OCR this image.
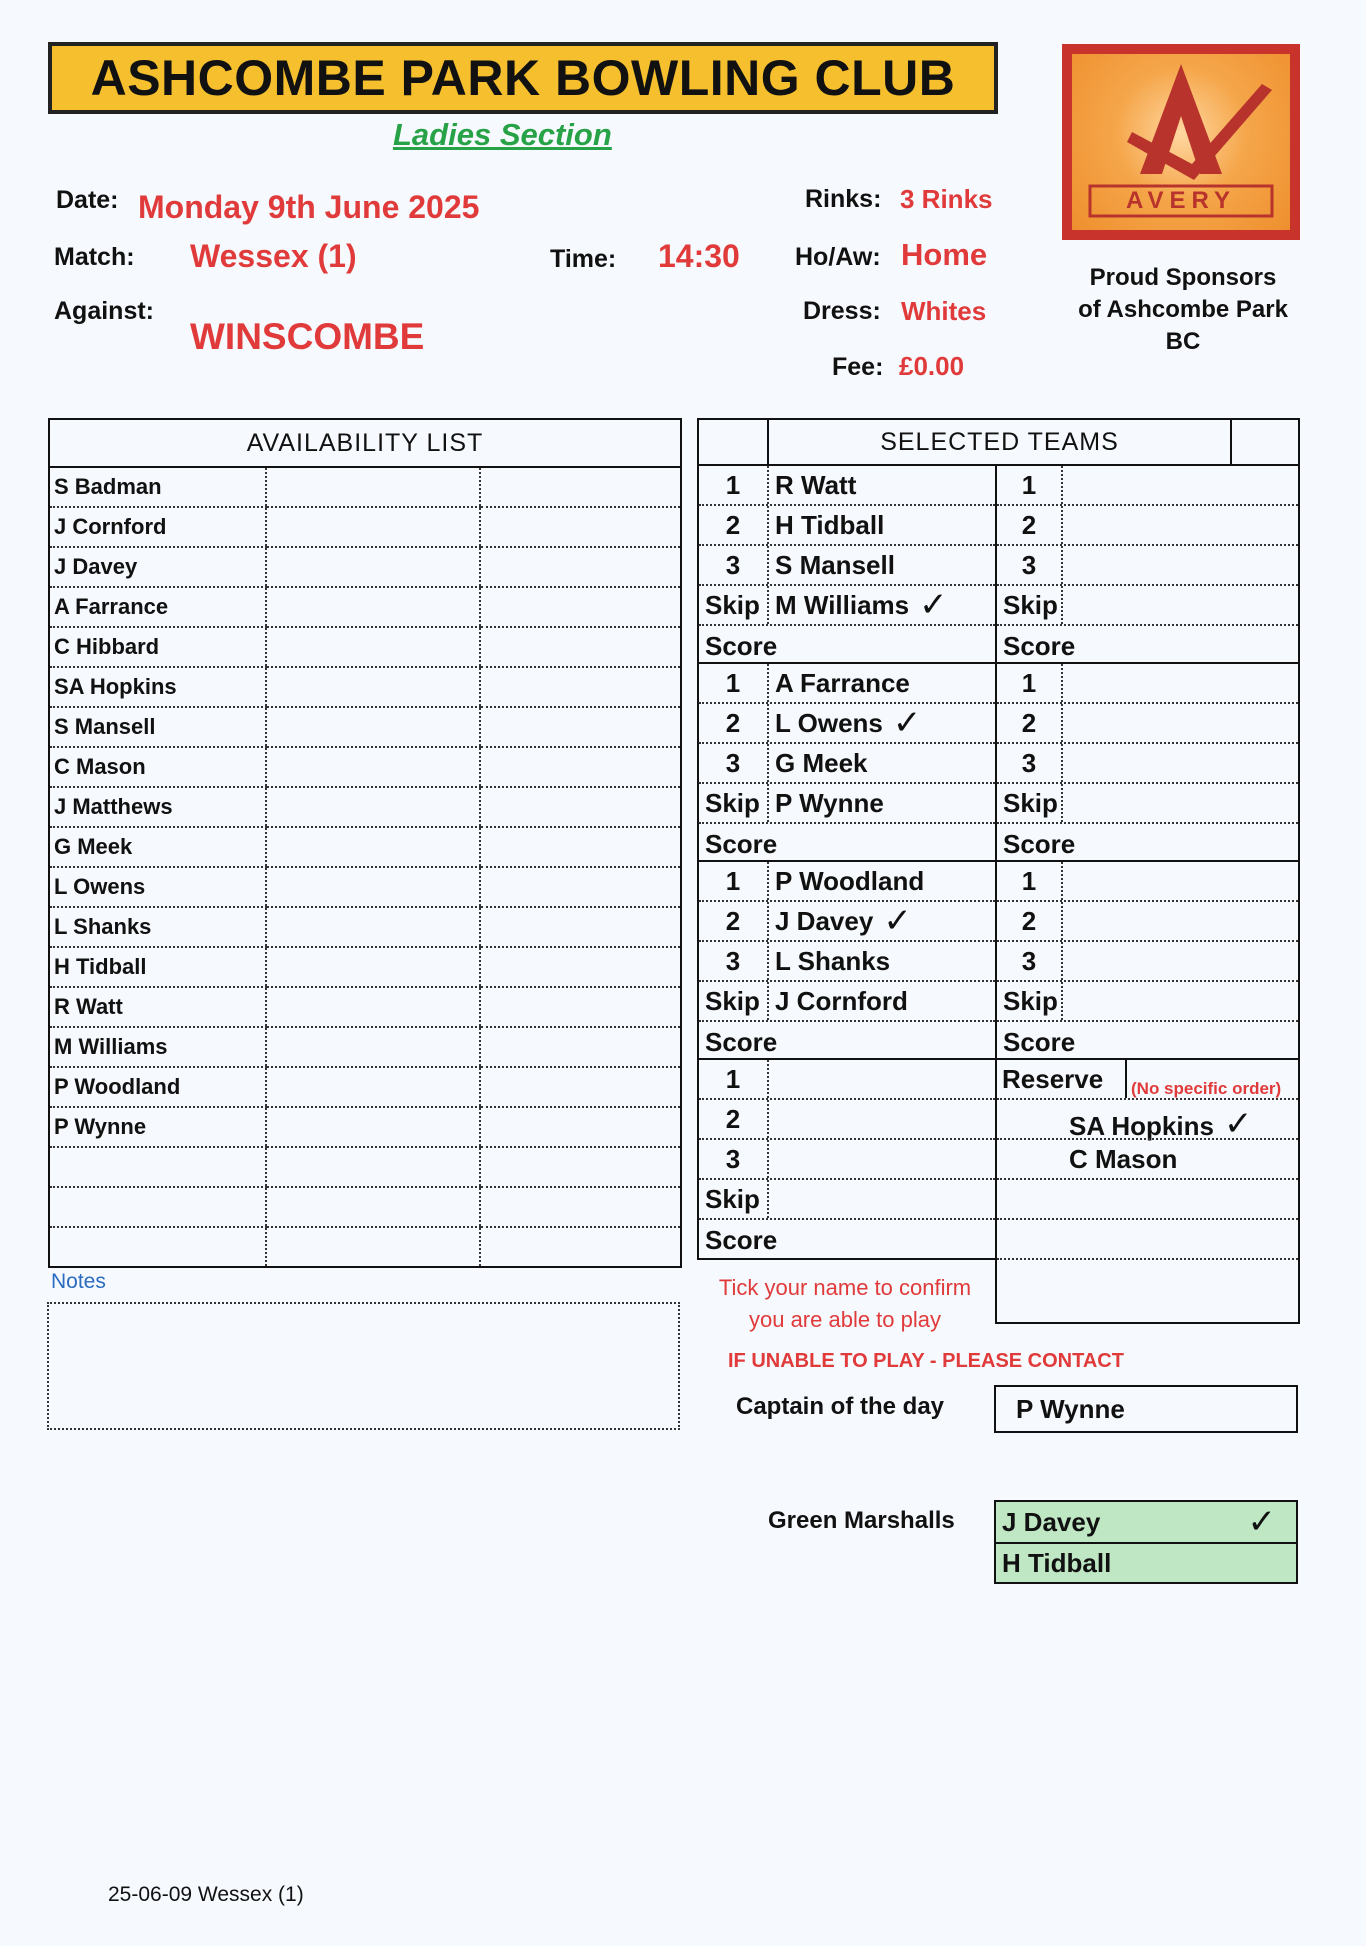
ASHCOMBE PARK BOWLING CLUB
Ladies Section
Date: Monday 9th June 2025
Match: Wessex (1)	Time: 14:30
Against:
WINSCOMBE
Rinks: 3 Rinks
Ho/Aw: Home
Dress: Whites
Fee: £0.00
AVERY
Proud Sponsors
of Ashcombe Park
BC
AVAILABILITY LIST		
S Badman		
J Cornford		
J Davey		
A Farrance		
C Hibbard		
SA Hopkins		
S Mansell		
C Mason		
J Matthews		
G Meek		
L Owens		
L Shanks		
H Tidball		
R Watt		
M Williams		
P Woodland		
P Wynne		

SELECTED TEAMS
1	R Watt	1
2	H Tidball	2
3	S Mansell	3
Skip M Williams ✓ Skip
Score	Score
1	A Farrance	1
2	L Owens ✓	2
3	G Meek	3
Skip P Wynne	Skip
Score	Score
1	P Woodland	1
2	J Davey ✓	2
3	L Shanks	3
Skip J Cornford	Skip
Score	Score
1
2
3
Skip
Score
Reserve (No specific order)
SA Hopkins ✓
C Mason
Notes	Tick your name to confirm
you are able to play
IF UNABLE TO PLAY - PLEASE CONTACT
Captain of the day	P Wynne
Green Marshalls J Davey	✓
H Tidball
25-06-09 Wessex (1)
